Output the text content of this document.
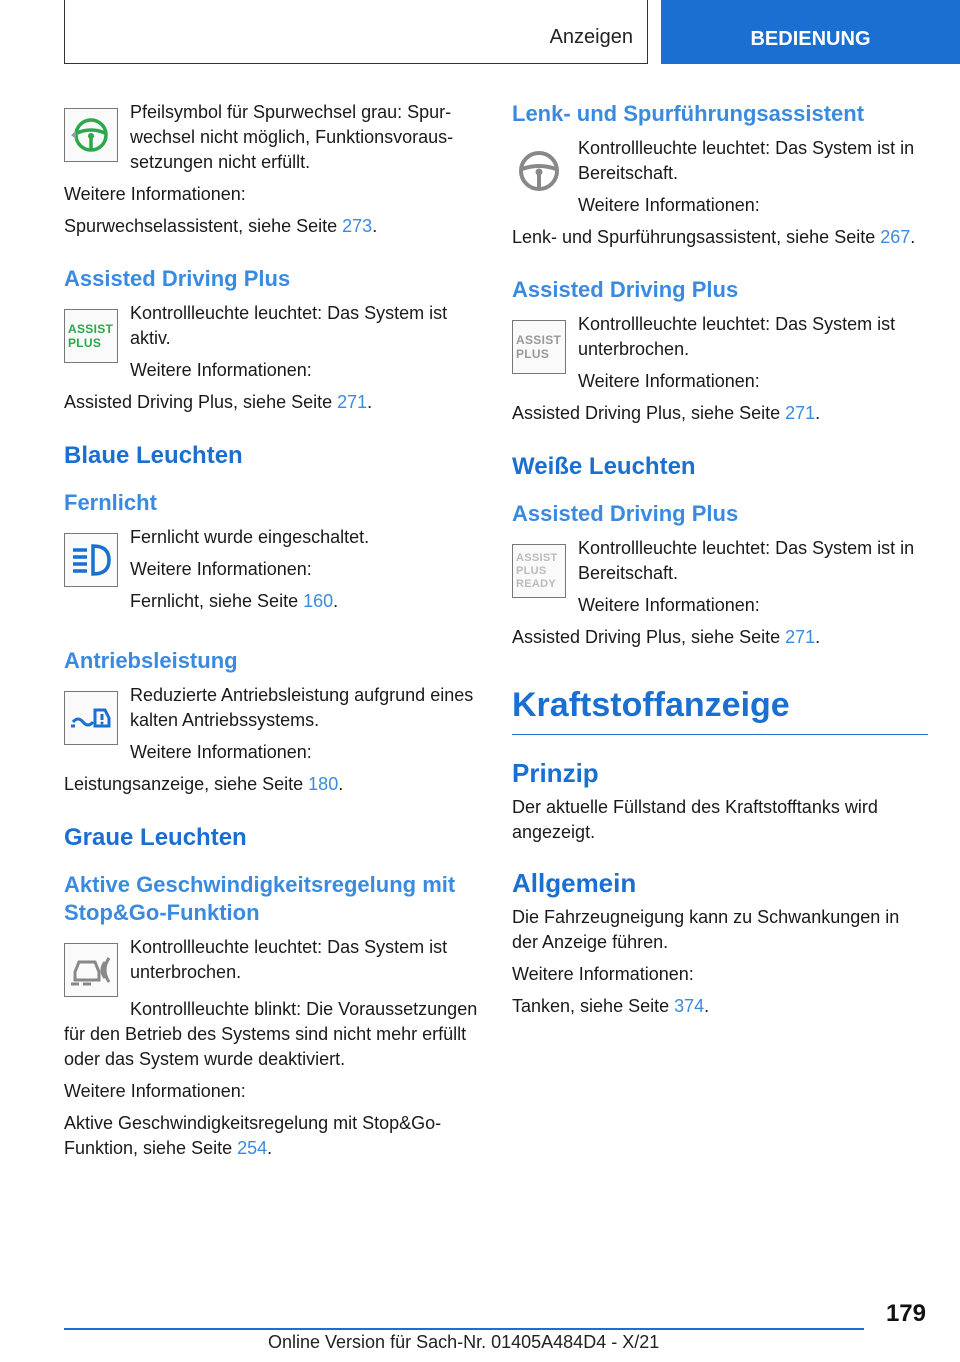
Anzeigen	BEDIENUNG

Pfeilsymbol für Spurwechsel grau: Spurwechsel nicht möglich, Funktionsvoraussetzungen nicht erfüllt.

Weitere Informationen:

Spurwechselassistent, siehe Seite 273.

Assisted Driving Plus
ASSIST PLUS

Kontrollleuchte leuchtet: Das System ist aktiv.

Weitere Informationen:

Assisted Driving Plus, siehe Seite 271.

Blaue Leuchten
Fernlicht

Fernlicht wurde eingeschaltet.

Weitere Informationen:

Fernlicht, siehe Seite 160.

Antriebsleistung

Reduzierte Antriebsleistung aufgrund eines kalten Antriebssystems.

Weitere Informationen:

Leistungsanzeige, siehe Seite 180.

Graue Leuchten
Aktive Geschwindigkeitsregelung mit Stop&Go-Funktion

Kontrollleuchte leuchtet: Das System ist unterbrochen.

Kontrollleuchte blinkt: Die Voraussetzungen für den Betrieb des Systems sind nicht mehr erfüllt oder das System wurde deaktiviert.

Weitere Informationen:

Aktive Geschwindigkeitsregelung mit Stop&Go-Funktion, siehe Seite 254.

Lenk- und Spurführungsassistent

Kontrollleuchte leuchtet: Das System ist in Bereitschaft.

Weitere Informationen:

Lenk- und Spurführungsassistent, siehe Seite 267.

Assisted Driving Plus
ASSIST PLUS

Kontrollleuchte leuchtet: Das System ist unterbrochen.

Weitere Informationen:

Assisted Driving Plus, siehe Seite 271.

Weiße Leuchten
Assisted Driving Plus
ASSIST PLUS READY

Kontrollleuchte leuchtet: Das System ist in Bereitschaft.

Weitere Informationen:

Assisted Driving Plus, siehe Seite 271.

Kraftstoffanzeige
Prinzip

Der aktuelle Füllstand des Kraftstofftanks wird angezeigt.

Allgemein

Die Fahrzeugneigung kann zu Schwankungen in der Anzeige führen.

Weitere Informationen:

Tanken, siehe Seite 374.

179
Online Version für Sach-Nr. 01405A484D4 - X/21
